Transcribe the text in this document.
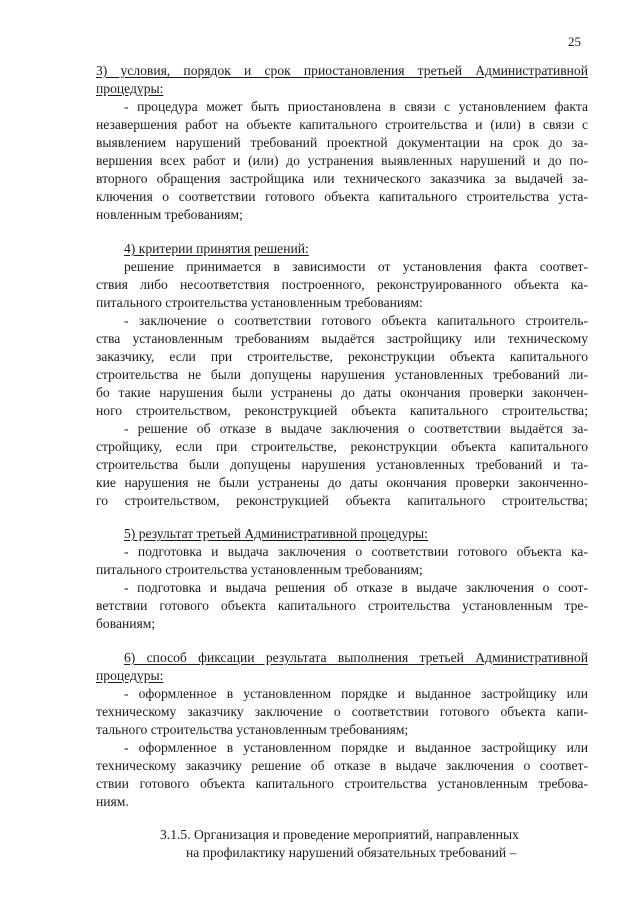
25
3) условия, порядок и срок приостановления третьей Административной
процедуры:
- процедура может быть приостановлена в связи с установлением факта
незавершения работ на объекте капитального строительства и (или) в связи с
выявлением нарушений требований проектной документации на срок до за-
вершения всех работ и (или) до устранения выявленных нарушений и до по-
вторного обращения застройщика или технического заказчика за выдачей за-
ключения о соответствии готового объекта капитального строительства уста-
новленным требованиям;
4) критерии принятия решений:
решение принимается в зависимости от установления факта соответ-
ствия либо несоответствия построенного, реконструированного объекта ка-
питального строительства установленным требованиям:
- заключение о соответствии готового объекта капитального строитель-
ства установленным требованиям выдаётся застройщику или техническому
заказчику, если при строительстве, реконструкции объекта капитального
строительства не были допущены нарушения установленных требований ли-
бо такие нарушения были устранены до даты окончания проверки закончен-
ного строительством, реконструкцией объекта капитального строительства;
- решение об отказе в выдаче заключения о соответствии выдаётся за-
стройщику, если при строительстве, реконструкции объекта капитального
строительства были допущены нарушения установленных требований и та-
кие нарушения не были устранены до даты окончания проверки законченно-
го строительством, реконструкцией объекта капитального строительства;
5) результат третьей Административной процедуры:
- подготовка и выдача заключения о соответствии готового объекта ка-
питального строительства установленным требованиям;
- подготовка и выдача решения об отказе в выдаче заключения о соот-
ветствии готового объекта капитального строительства установленным тре-
бованиям;
6) способ фиксации результата выполнения третьей Административной
процедуры:
- оформленное в установленном порядке и выданное застройщику или
техническому заказчику заключение о соответствии готового объекта капи-
тального строительства установленным требованиям;
- оформленное в установленном порядке и выданное застройщику или
техническому заказчику решение об отказе в выдаче заключения о соответ-
ствии готового объекта капитального строительства установленным требова-
ниям.
3.1.5. Организация и проведение мероприятий, направленных
на профилактику нарушений обязательных требований –
